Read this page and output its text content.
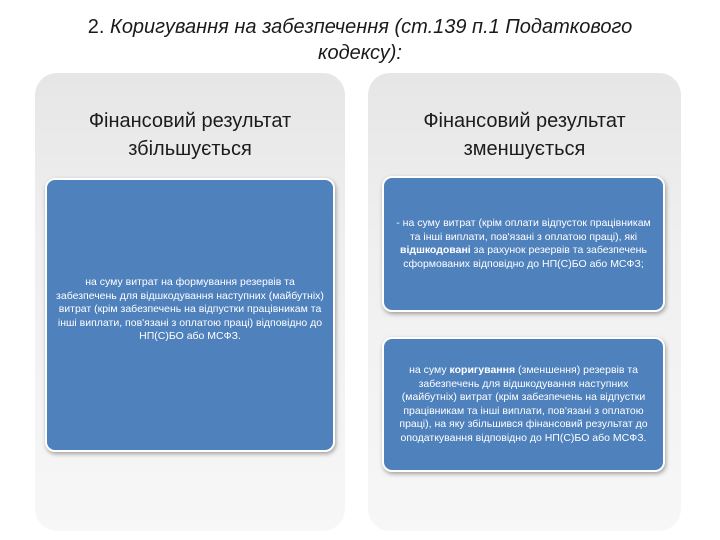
2. Коригування на забезпечення (ст.139 п.1 Податкового
кодексу):
Фінансовий результат
збільшується
Фінансовий результат
зменшується
на суму витрат на формування резервів та забезпечень для відшкодування наступних (майбутніх) витрат (крім забезпечень на відпустки працівникам та інші виплати, пов'язані з оплатою праці) відповідно до НП(С)БО або МСФЗ.
- на суму витрат (крім оплати відпусток працівникам та інші виплати, пов'язані з оплатою праці), які відшкодовані за рахунок резервів та забезпечень сформованих відповідно до НП(С)БО або МСФЗ;
на суму коригування (зменшення) резервів та забезпечень для відшкодування наступних (майбутніх) витрат (крім забезпечень на відпустки працівникам та інші виплати, пов'язані з оплатою праці), на яку збільшився фінансовий результат до оподаткування відповідно до НП(С)БО або МСФЗ.
